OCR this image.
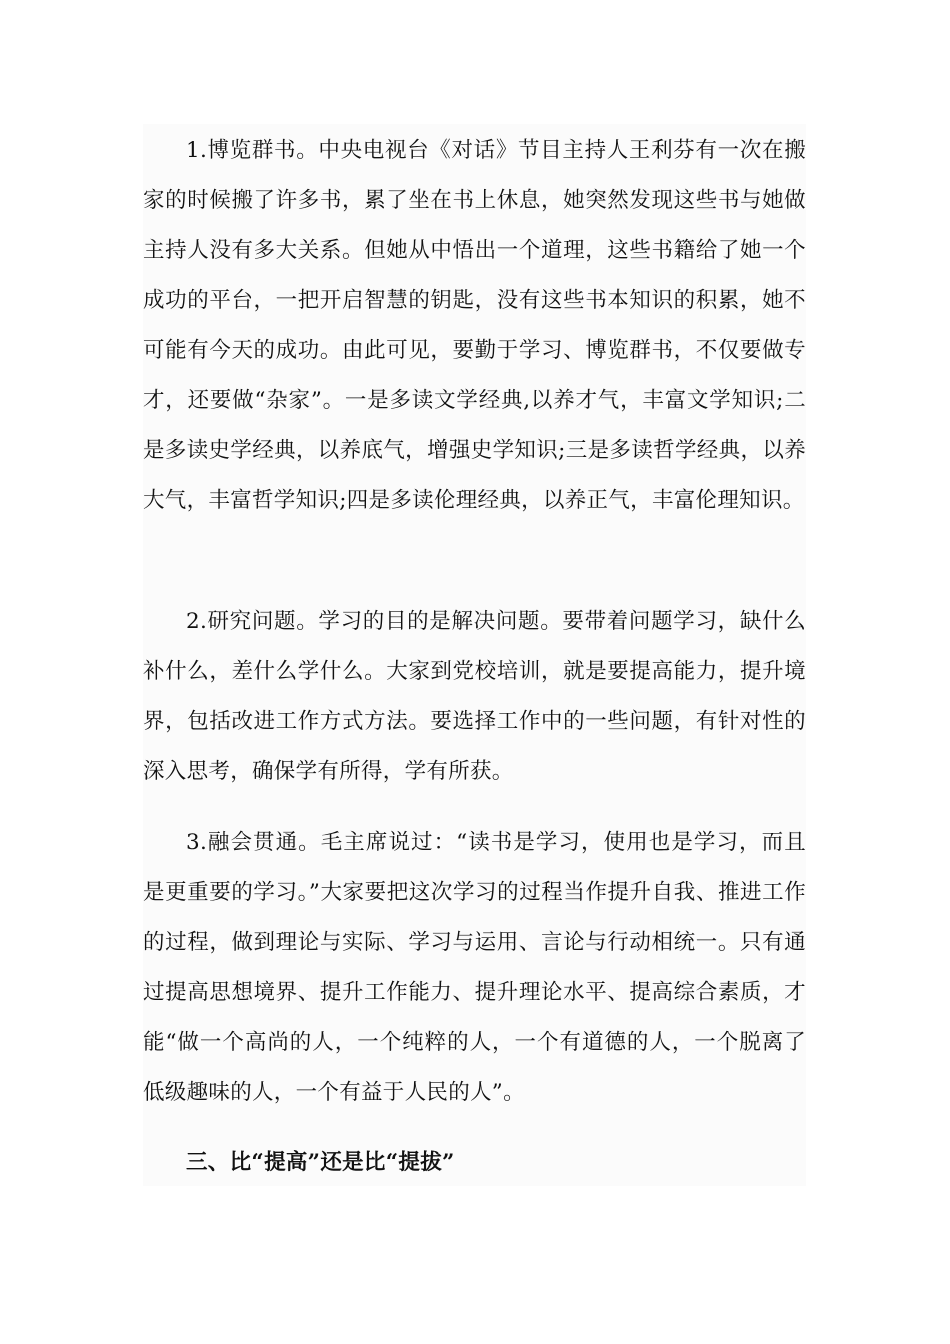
1.博览群书。中央电视台《对话》节目主持人王利芬有一次在搬家的时候搬了许多书，累了坐在书上休息，她突然发现这些书与她做主持人没有多大关系。但她从中悟出一个道理，这些书籍给了她一个成功的平台，一把开启智慧的钥匙，没有这些书本知识的积累，她不可能有今天的成功。由此可见，要勤于学习、博览群书，不仅要做专才，还要做“杂家”。一是多读文学经典,以养才气，丰富文学知识;二是多读史学经典，以养底气，增强史学知识;三是多读哲学经典，以养大气，丰富哲学知识;四是多读伦理经典，以养正气，丰富伦理知识。

2.研究问题。学习的目的是解决问题。要带着问题学习，缺什么补什么，差什么学什么。大家到党校培训，就是要提高能力，提升境界，包括改进工作方式方法。要选择工作中的一些问题，有针对性的深入思考，确保学有所得，学有所获。

3.融会贯通。毛主席说过：“读书是学习，使用也是学习，而且是更重要的学习。”大家要把这次学习的过程当作提升自我、推进工作的过程，做到理论与实际、学习与运用、言论与行动相统一。只有通过提高思想境界、提升工作能力、提升理论水平、提高综合素质，才能“做一个高尚的人，一个纯粹的人，一个有道德的人，一个脱离了低级趣味的人，一个有益于人民的人”。

三、比“提高”还是比“提拔”
